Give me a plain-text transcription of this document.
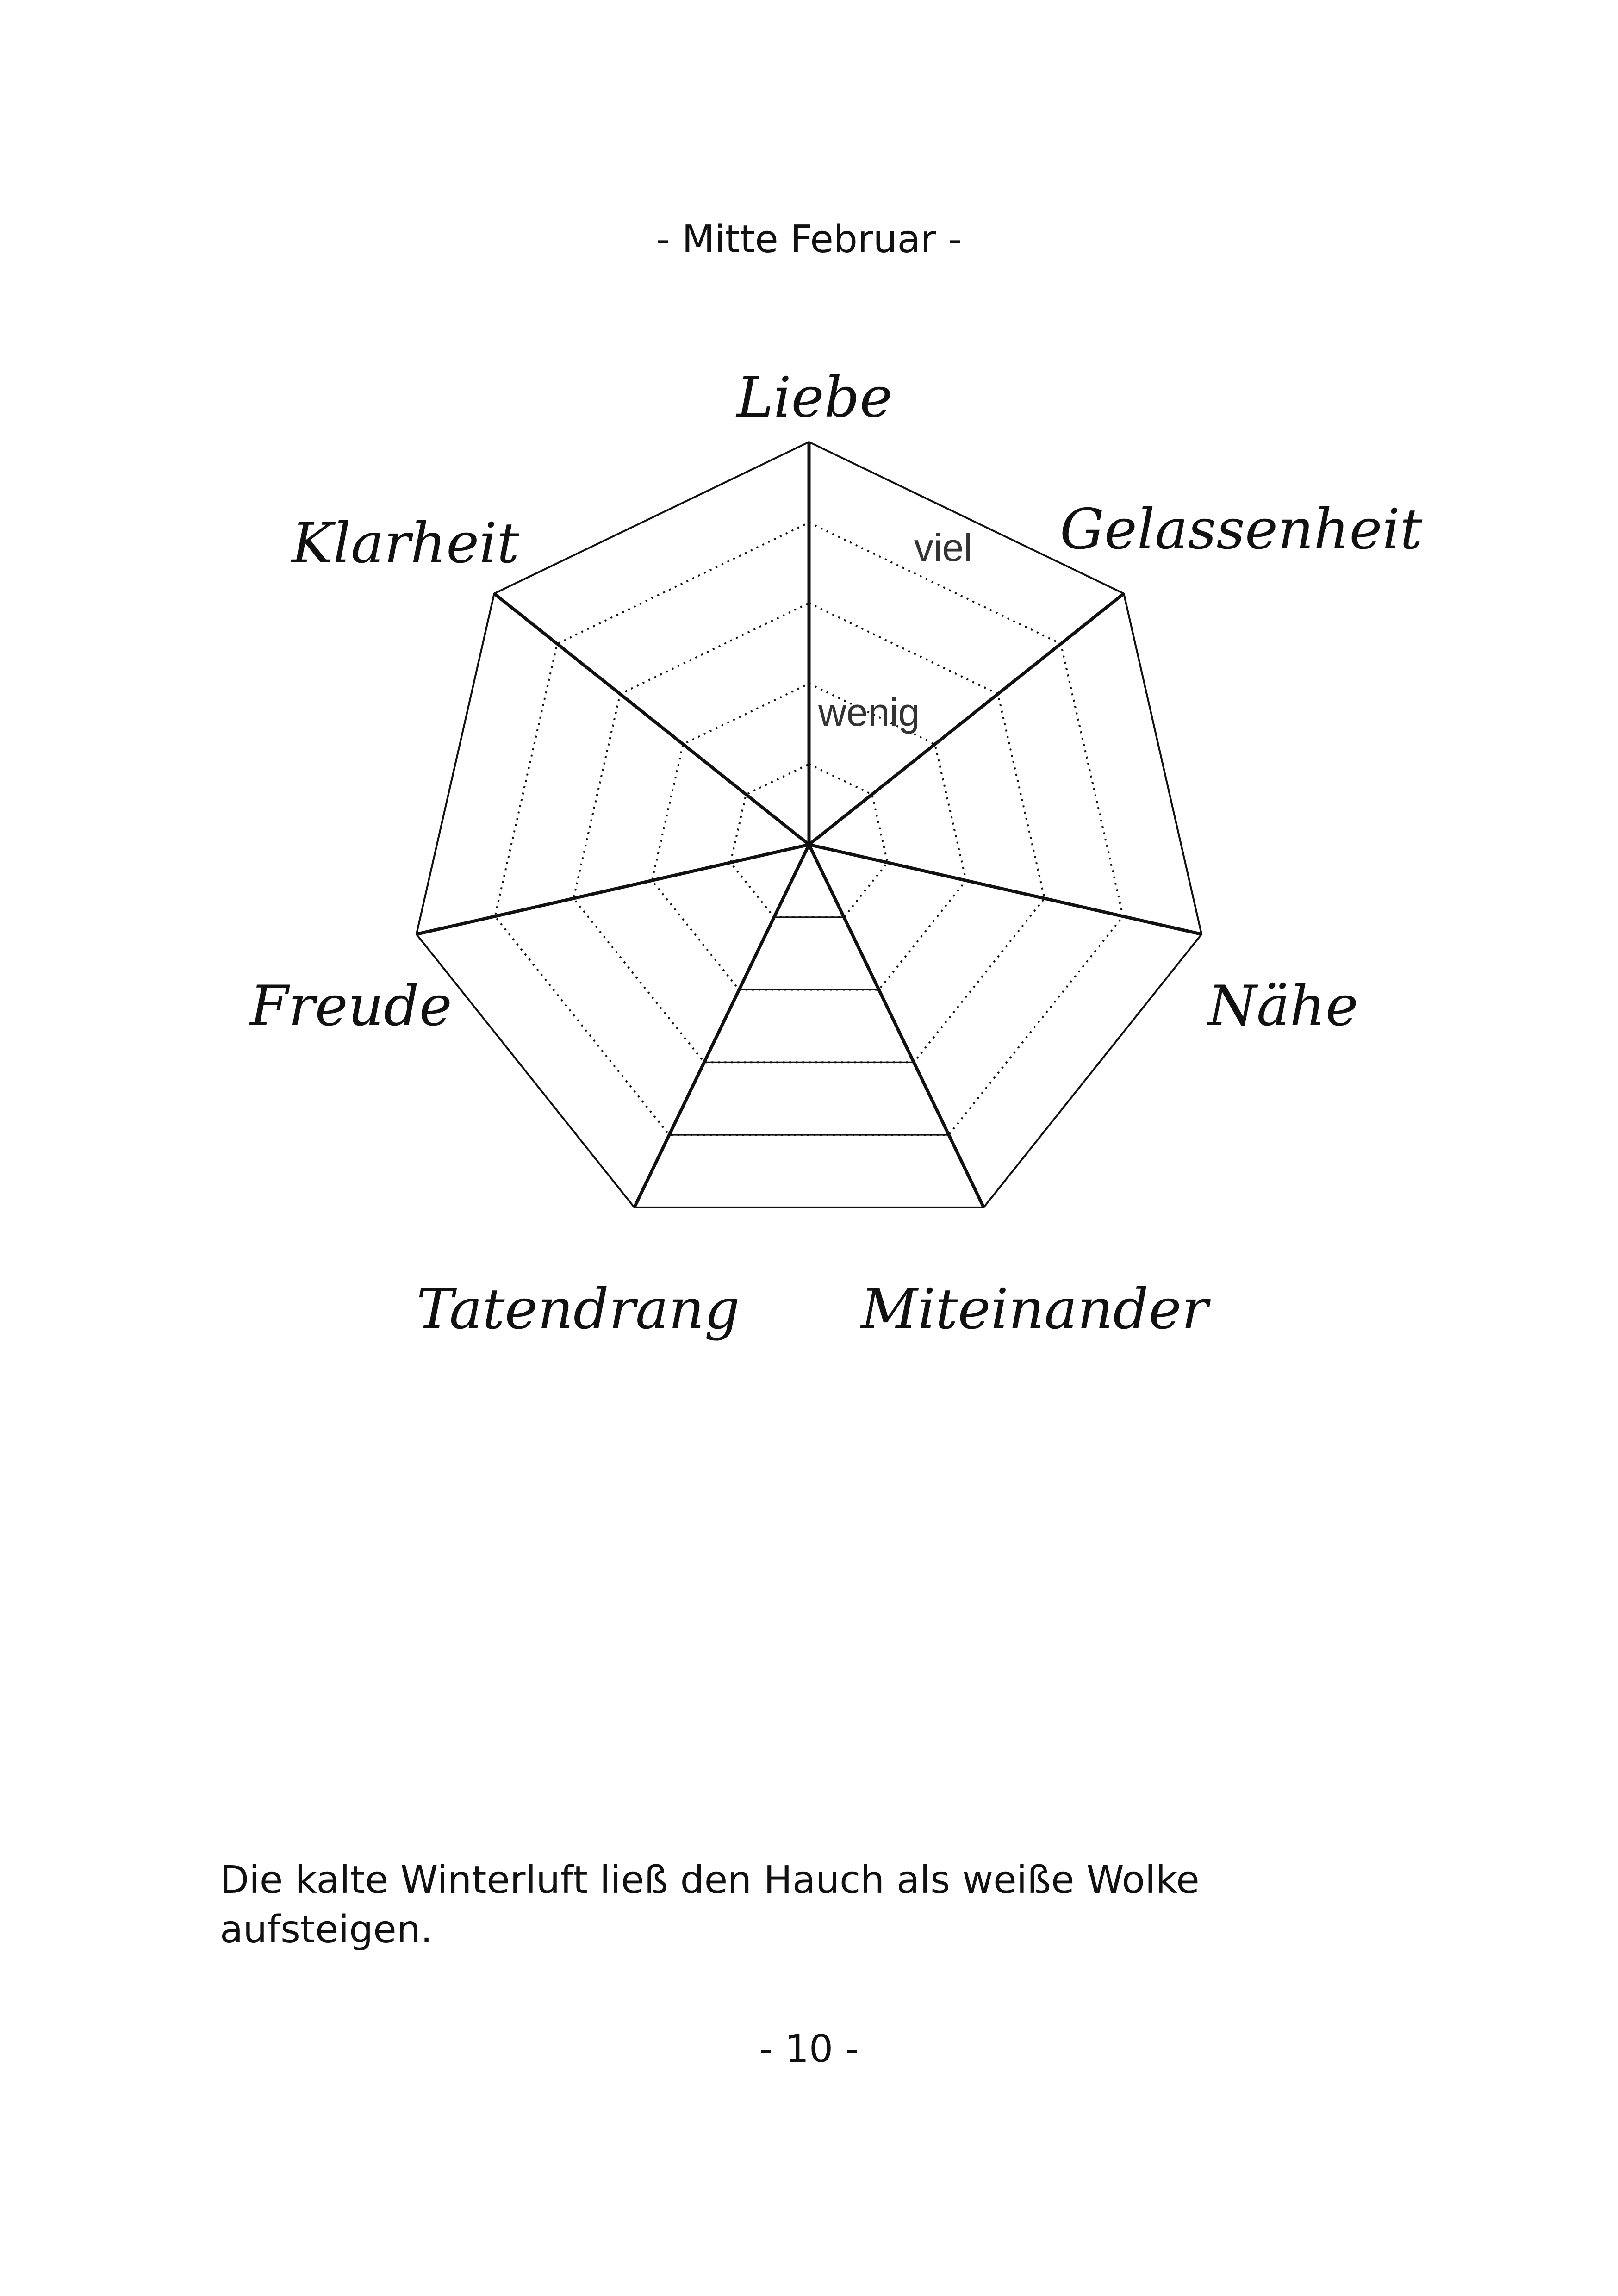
- Mitte Februar -
Liebe
Gelassenheit
Nähe
Miteinander
Tatendrang
Freude
Klarheit	viel
wenig
Die kalte Winterluft ließ den Hauch als weiße Wolke aufsteigen.
- 10 -
